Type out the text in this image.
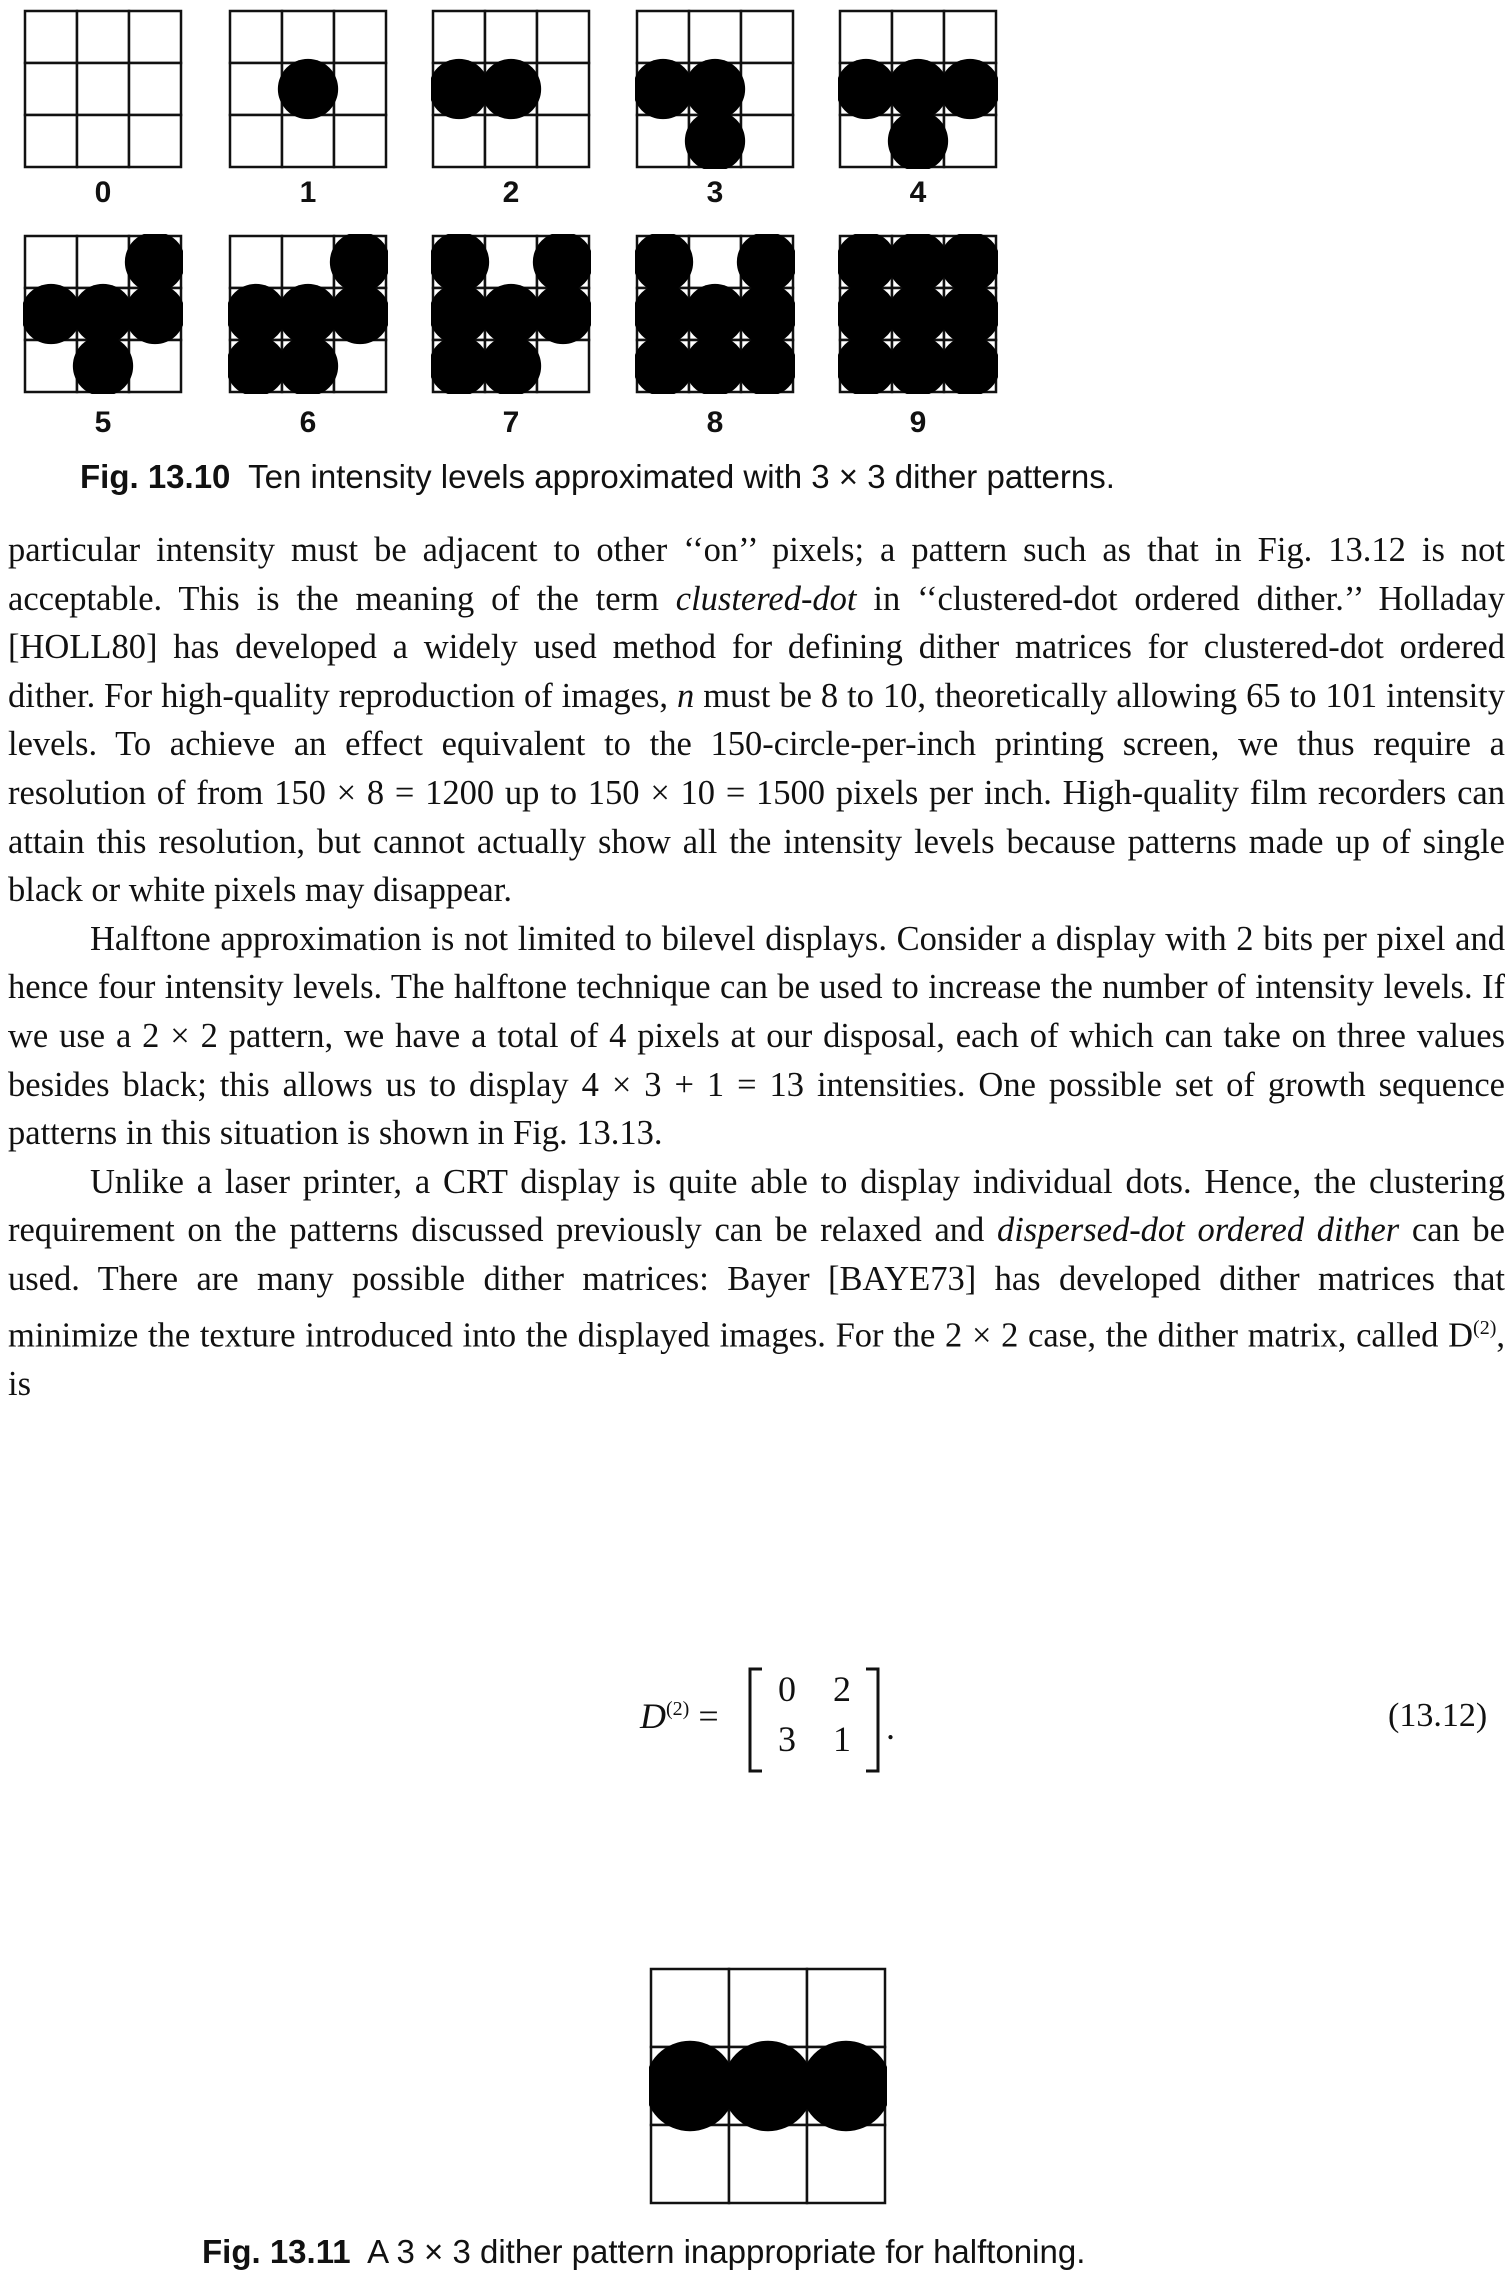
0	1	2	3	4
5	6	7	8	9
Fig. 13.10 Ten intensity levels approximated with 3 × 3 dither patterns.

particular intensity must be adjacent to other ‘‘on’’ pixels; a pattern such as that in Fig. 13.12 is not acceptable. This is the meaning of the term clustered-dot in ‘‘clustered-dot ordered dither.’’ Holladay [HOLL80] has developed a widely used method for defining dither matrices for clustered-dot ordered dither. For high-quality reproduction of images, n must be 8 to 10, theoretically allowing 65 to 101 intensity levels. To achieve an effect equivalent to the 150-circle-per-inch printing screen, we thus require a resolution of from 150 × 8 = 1200 up to 150 × 10 = 1500 pixels per inch. High-quality film recorders can attain this resolution, but cannot actually show all the intensity levels because patterns made up of single black or white pixels may disappear.

Halftone approximation is not limited to bilevel displays. Consider a display with 2 bits per pixel and hence four intensity levels. The halftone technique can be used to increase the number of intensity levels. If we use a 2 × 2 pattern, we have a total of 4 pixels at our disposal, each of which can take on three values besides black; this allows us to display 4 × 3 + 1 = 13 intensities. One possible set of growth sequence patterns in this situation is shown in Fig. 13.13.

Unlike a laser printer, a CRT display is quite able to display individual dots. Hence, the clustering requirement on the patterns discussed previously can be relaxed and dispersed-dot ordered dither can be used. There are many possible dither matrices: Bayer [BAYE73] has developed dither matrices that minimize the texture introduced into the displayed images. For the 2 × 2 case, the dither matrix, called $D^{(2)}$, is

$D^{(2)}$ =
0	2
3	1 .	(13.12)
Fig. 13.11 A 3 × 3 dither pattern inappropriate for halftoning.
